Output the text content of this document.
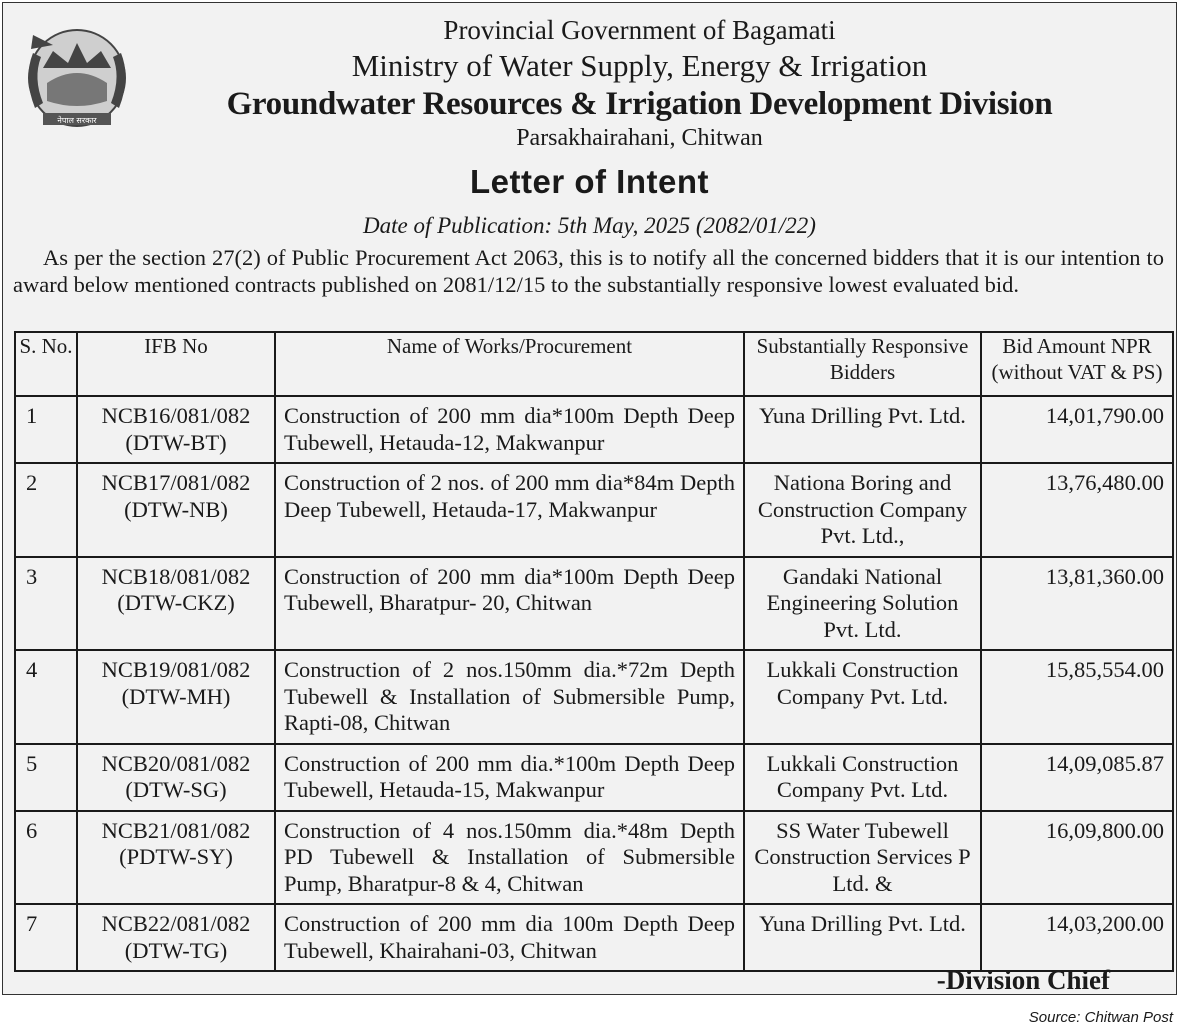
नेपाल सरकार
Provincial Government of Bagamati
Ministry of Water Supply, Energy & Irrigation
Groundwater Resources & Irrigation Development Division
Parsakhairahani, Chitwan
Letter of Intent
Date of Publication: 5th May, 2025 (2082/01/22)
As per the section 27(2) of Public Procurement Act 2063, this is to notify all the concerned bidders that it is our intention to award below mentioned contracts published on 2081/12/15 to the substantially responsive lowest evaluated bid.
S. No.	IFB No	Name of Works/Procurement	Substantially Responsive Bidders	Bid Amount NPR (without VAT & PS)

1	NCB16/081/082 (DTW-BT)	Construction of 200 mm dia*100m Depth Deep Tubewell, Hetauda-12, Makwanpur	Yuna Drilling Pvt. Ltd.	14,01,790.00

2	NCB17/081/082 (DTW-NB)	Construction of 2 nos. of 200 mm dia*84m Depth Deep Tubewell, Hetauda-17, Makwanpur	Nationa Boring and Construction Company Pvt. Ltd.,	13,76,480.00

3	NCB18/081/082 (DTW-CKZ)	Construction of 200 mm dia*100m Depth Deep Tubewell, Bharatpur- 20, Chitwan	Gandaki National Engineering Solution Pvt. Ltd.	13,81,360.00

4	NCB19/081/082 (DTW-MH)	Construction of 2 nos.150mm dia.*72m Depth Tubewell & Installation of Submersible Pump, Rapti-08, Chitwan	Lukkali Construction Company Pvt. Ltd.	15,85,554.00

5	NCB20/081/082 (DTW-SG)	Construction of 200 mm dia.*100m Depth Deep Tubewell, Hetauda-15, Makwanpur	Lukkali Construction Company Pvt. Ltd.	14,09,085.87

6	NCB21/081/082 (PDTW-SY)	Construction of 4 nos.150mm dia.*48m Depth PD Tubewell & Installation of Submersible Pump, Bharatpur-8 & 4, Chitwan	SS Water Tubewell Construction Services P Ltd. &	16,09,800.00

7	NCB22/081/082 (DTW-TG)	Construction of 200 mm dia 100m Depth Deep Tubewell, Khairahani-03, Chitwan	Yuna Drilling Pvt. Ltd.	14,03,200.00
-Division Chief
Source: Chitwan Post
